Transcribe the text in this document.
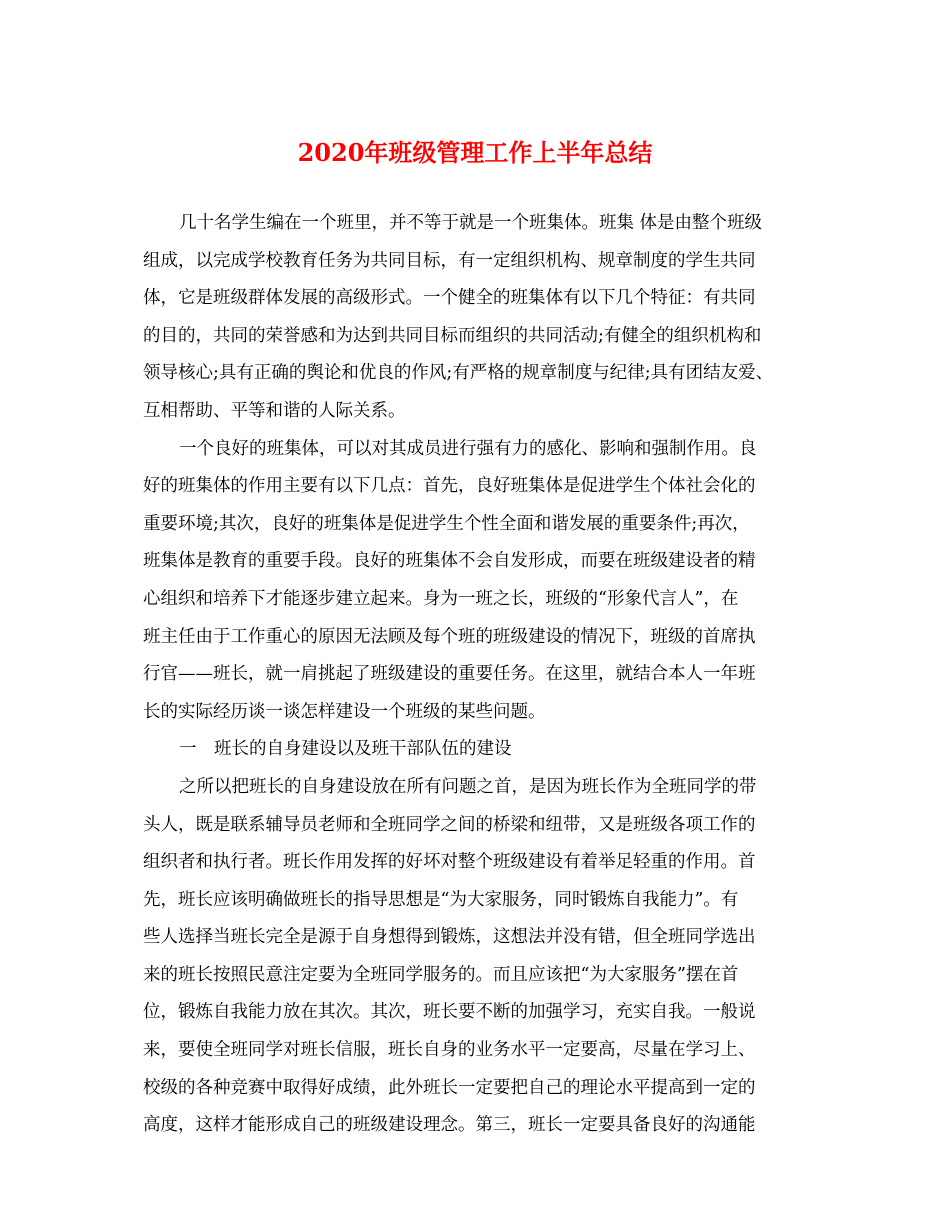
2020年班级管理工作上半年总结
几十名学生编在一个班里，并不等于就是一个班集体。班集 体是由整个班级
组成，以完成学校教育任务为共同目标，有一定组织机构、规章制度的学生共同
体，它是班级群体发展的高级形式。一个健全的班集体有以下几个特征：有共同
的目的，共同的荣誉感和为达到共同目标而组织的共同活动;有健全的组织机构和
领导核心;具有正确的舆论和优良的作风;有严格的规章制度与纪律;具有团结友爱、
互相帮助、平等和谐的人际关系。
一个良好的班集体，可以对其成员进行强有力的感化、影响和强制作用。良
好的班集体的作用主要有以下几点：首先，良好班集体是促进学生个体社会化的
重要环境;其次，良好的班集体是促进学生个性全面和谐发展的重要条件;再次，
班集体是教育的重要手段。良好的班集体不会自发形成，而要在班级建设者的精
心组织和培养下才能逐步建立起来。身为一班之长，班级的“形象代言人”，在
班主任由于工作重心的原因无法顾及每个班的班级建设的情况下，班级的首席执
行官——班长，就一肩挑起了班级建设的重要任务。在这里，就结合本人一年班
长的实际经历谈一谈怎样建设一个班级的某些问题。
一　班长的自身建设以及班干部队伍的建设
之所以把班长的自身建设放在所有问题之首，是因为班长作为全班同学的带
头人，既是联系辅导员老师和全班同学之间的桥梁和纽带，又是班级各项工作的
组织者和执行者。班长作用发挥的好坏对整个班级建设有着举足轻重的作用。首
先，班长应该明确做班长的指导思想是“为大家服务，同时锻炼自我能力”。有
些人选择当班长完全是源于自身想得到锻炼，这想法并没有错，但全班同学选出
来的班长按照民意注定要为全班同学服务的。而且应该把“为大家服务”摆在首
位，锻炼自我能力放在其次。其次，班长要不断的加强学习，充实自我。一般说
来，要使全班同学对班长信服，班长自身的业务水平一定要高，尽量在学习上、
校级的各种竞赛中取得好成绩，此外班长一定要把自己的理论水平提高到一定的
高度，这样才能形成自己的班级建设理念。第三，班长一定要具备良好的沟通能
